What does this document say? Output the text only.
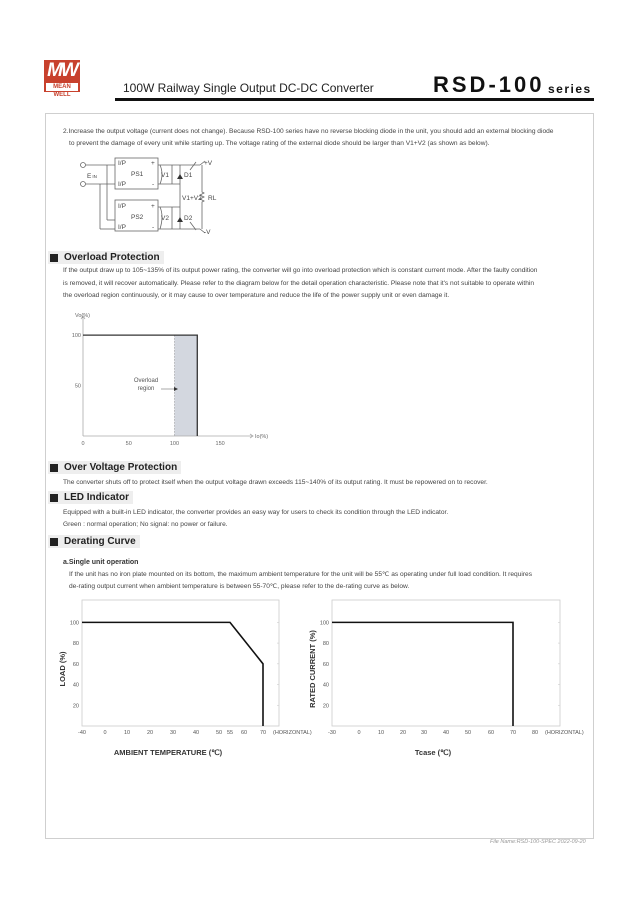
MW
MEAN WELL	100W Railway Single Output DC-DC Converter	RSD-100 series
2.Increase the output voltage (current does not change). Because RSD-100 series have no reverse blocking diode in the unit, you should add an external blocking diode
to prevent the damage of every unit while starting up. The voltage rating of the external diode should be larger than V1+V2 (as shown as below).
EIN
I/P
I/P
PS1
+
-
I/P
I/P
PS2
+
-
V1 D1
V2 D2
+V
-V
V1+V2 RL
Overload Protection
If the output draw up to 105~135% of its output power rating, the converter will go into overload protection which is constant current mode. After the faulty condition
is removed, it will recover automatically. Please refer to the diagram below for the detail operation characteristic. Please note that it's not suitable to operate within
the overload region continuously, or it may cause to over temperature and reduce the life of the power supply unit or even damage it.
0	50	100	150
50
100
Io(%)
Vo(%)
Overload
region
Over Voltage Protection
The converter shuts off to protect itself when the output voltage drawn exceeds 115~140% of its output rating. It must be repowered on to recover.
LED Indicator
Equipped with a built-in LED indicator, the converter provides an easy way for users to check its condition through the LED indicator.
Green : normal operation; No signal: no power or failure.
Derating Curve
a.Single unit operation
If the unit has no iron plate mounted on its bottom, the maximum ambient temperature for the unit will be 55℃ as operating under full load condition. It requires
de-rating output current when ambient temperature is between 55-70℃, please refer to the de-rating curve as below.
20
40
60
80
100
-40	0	10	20	30	40	50 55 60 70 (HORIZONTAL)
LOAD (%)
AMBIENT TEMPERATURE (℃)
20
40
60
80
100
-30	0	10	20	30	40	50	60	70	80 (HORIZONTAL)
RATED CURRENT (%)
Tcase (℃)
File Name:RSD-100-SPEC 2022-09-20
